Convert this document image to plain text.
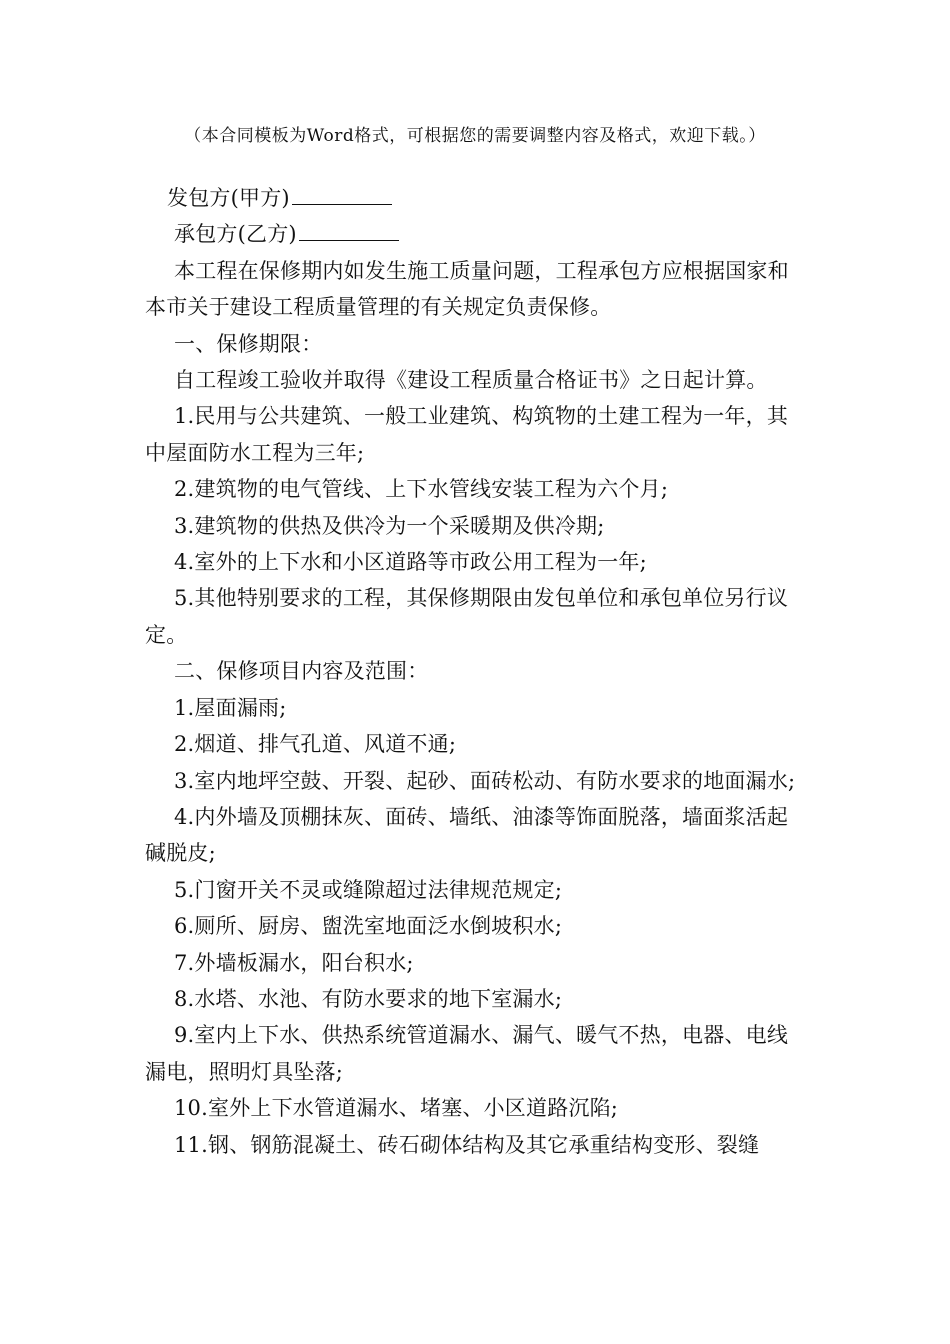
（本合同模板为Word格式，可根据您的需要调整内容及格式，欢迎下载。）

发包方(甲方)

承包方(乙方)

本工程在保修期内如发生施工质量问题，工程承包方应根据国家和本市关于建设工程质量管理的有关规定负责保修。

一、保修期限：

自工程竣工验收并取得《建设工程质量合格证书》之日起计算。

1.民用与公共建筑、一般工业建筑、构筑物的土建工程为一年，其中屋面防水工程为三年;

2.建筑物的电气管线、上下水管线安装工程为六个月;

3.建筑物的供热及供冷为一个采暖期及供冷期;

4.室外的上下水和小区道路等市政公用工程为一年;

5.其他特别要求的工程，其保修期限由发包单位和承包单位另行议定。

二、保修项目内容及范围：

1.屋面漏雨;

2.烟道、排气孔道、风道不通;

3.室内地坪空鼓、开裂、起砂、面砖松动、有防水要求的地面漏水;

4.内外墙及顶棚抹灰、面砖、墙纸、油漆等饰面脱落，墙面浆活起碱脱皮;

5.门窗开关不灵或缝隙超过法律规范规定;

6.厕所、厨房、盥洗室地面泛水倒坡积水;

7.外墙板漏水，阳台积水;

8.水塔、水池、有防水要求的地下室漏水;

9.室内上下水、供热系统管道漏水、漏气、暖气不热，电器、电线漏电，照明灯具坠落;

10.室外上下水管道漏水、堵塞、小区道路沉陷;

11.钢、钢筋混凝土、砖石砌体结构及其它承重结构变形、裂缝
